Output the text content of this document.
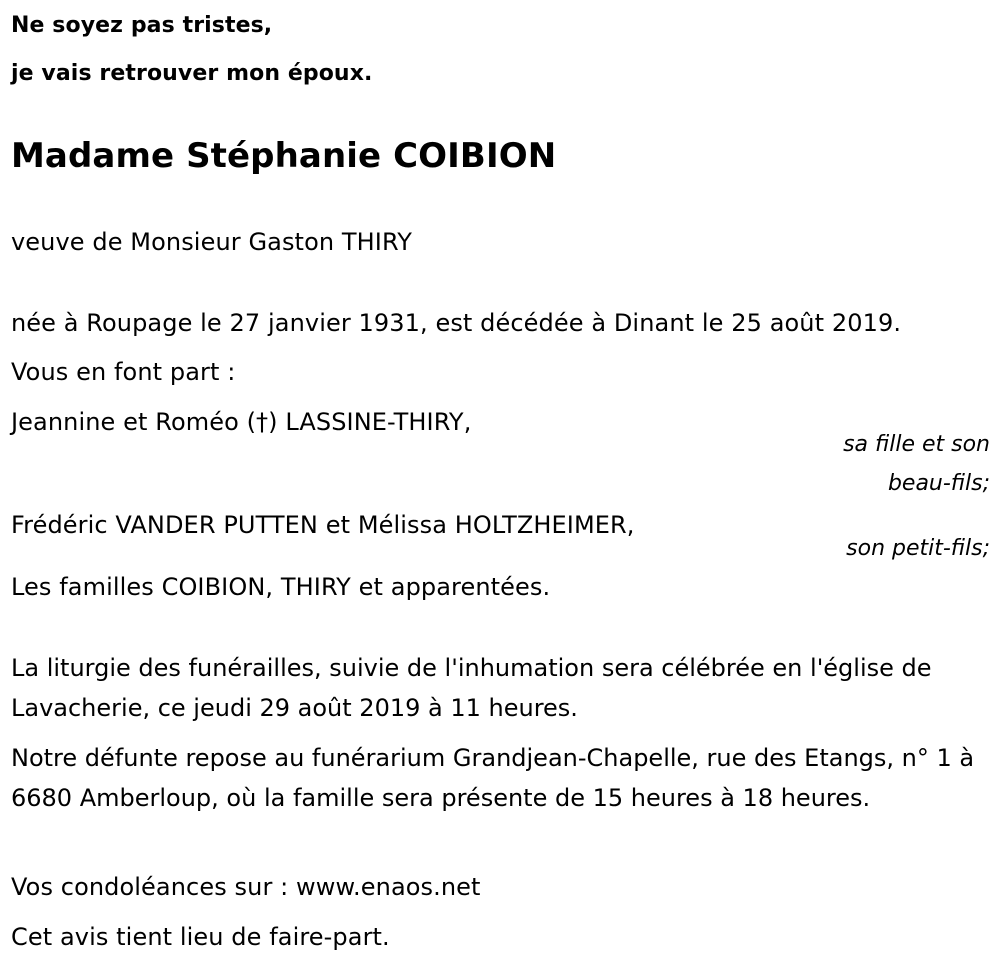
Ne soyez pas tristes,
je vais retrouver mon époux.
Madame Stéphanie COIBION
veuve de Monsieur Gaston THIRY
née à Roupage le 27 janvier 1931, est décédée à Dinant le 25 août 2019.
Vous en font part :
Jeannine et Roméo (†) LASSINE-THIRY,
sa fille et son
beau-fils;
Frédéric VANDER PUTTEN et Mélissa HOLTZHEIMER,
son petit-fils;
Les familles COIBION, THIRY et apparentées.
La liturgie des funérailles, suivie de l'inhumation sera célébrée en l'église de Lavacherie, ce jeudi 29 août 2019 à 11 heures.
Notre défunte repose au funérarium Grandjean-Chapelle, rue des Etangs, n° 1 à 6680 Amberloup, où la famille sera présente de 15 heures à 18 heures.
Vos condoléances sur : www.enaos.net
Cet avis tient lieu de faire-part.
